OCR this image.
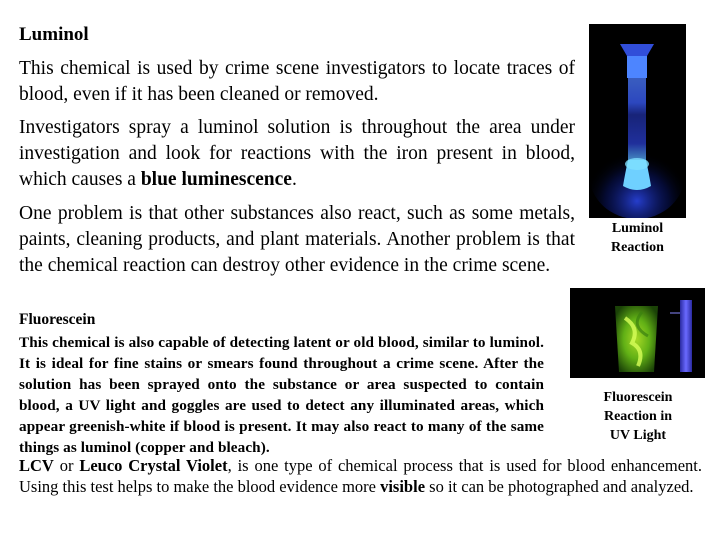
Luminol
This chemical is used by crime scene investigators to locate traces of blood, even if it has been cleaned or removed.
Investigators spray a luminol solution is throughout the area under investigation and look for reactions with the iron present in blood, which causes a blue luminescence.
One problem is that other substances also react, such as some metals, paints, cleaning products, and plant materials. Another problem is that the chemical reaction can destroy other evidence in the crime scene.
Luminol
Reaction
Fluorescein
This chemical is also capable of detecting latent or old blood, similar to luminol. It is ideal for fine stains or smears found throughout a crime scene. After the solution has been sprayed onto the substance or area suspected to contain blood, a UV light and goggles are used to detect any illuminated areas, which appear greenish-white if blood is present. It may also react to many of the same things as luminol (copper and bleach).
Fluorescein
Reaction in
UV Light
LCV or Leuco Crystal Violet, is one type of chemical process that is used for blood enhancement. Using this test helps to make the blood evidence more visible so it can be photographed and analyzed.
